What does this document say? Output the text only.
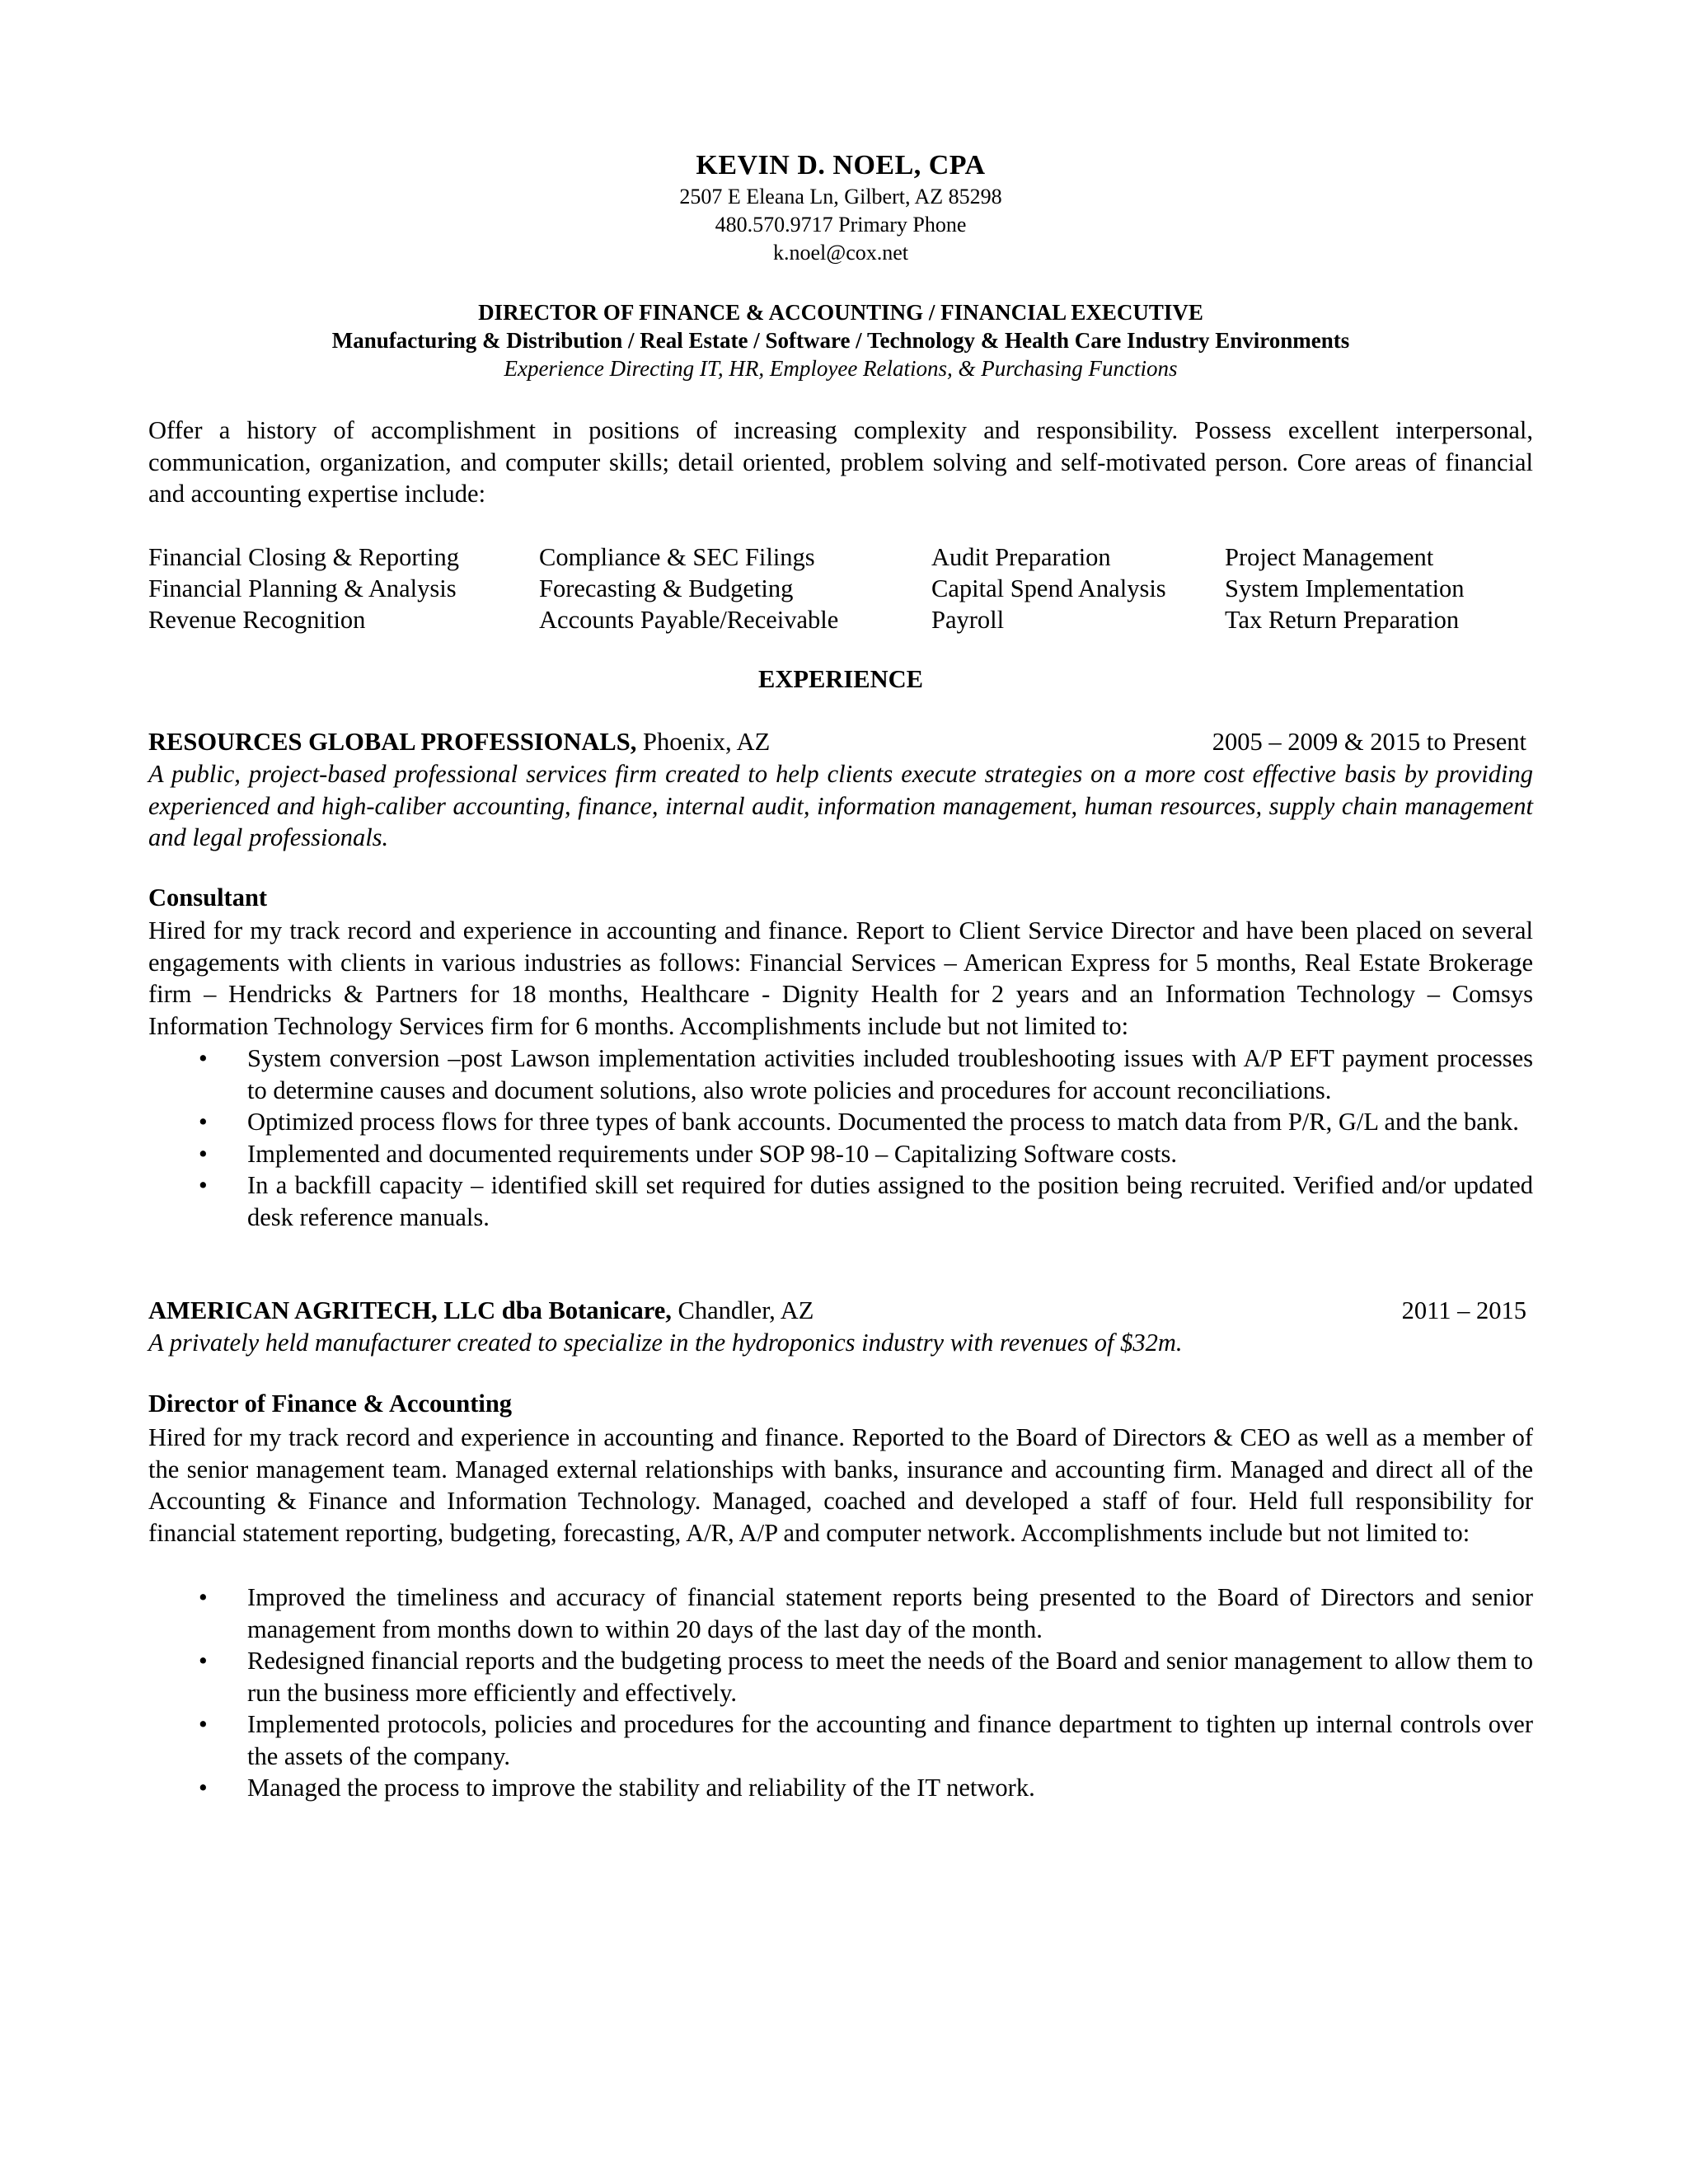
KEVIN D. NOEL, CPA
2507 E Eleana Ln, Gilbert, AZ 85298
480.570.9717 Primary Phone
k.noel@cox.net
DIRECTOR OF FINANCE & ACCOUNTING / FINANCIAL EXECUTIVE
Manufacturing & Distribution / Real Estate / Software / Technology & Health Care Industry Environments
Experience Directing IT, HR, Employee Relations, & Purchasing Functions
Offer a history of accomplishment in positions of increasing complexity and responsibility. Possess excellent interpersonal, communication, organization, and computer skills; detail oriented, problem solving and self-motivated person. Core areas of financial and accounting expertise include:
Financial Closing & Reporting
Financial Planning & Analysis
Revenue Recognition
Compliance & SEC Filings
Forecasting & Budgeting
Accounts Payable/Receivable
Audit Preparation
Capital Spend Analysis
Payroll
Project Management
System Implementation
Tax Return Preparation
EXPERIENCE
RESOURCES GLOBAL PROFESSIONALS, Phoenix, AZ	2005 – 2009 & 2015 to Present
A public, project-based professional services firm created to help clients execute strategies on a more cost effective basis by providing experienced and high-caliber accounting, finance, internal audit, information management, human resources, supply chain management and legal professionals.
Consultant
Hired for my track record and experience in accounting and finance. Report to Client Service Director and have been placed on several engagements with clients in various industries as follows: Financial Services – American Express for 5 months, Real Estate Brokerage firm – Hendricks & Partners for 18 months, Healthcare - Dignity Health for 2 years and an Information Technology – Comsys Information Technology Services firm for 6 months. Accomplishments include but not limited to:
• System conversion –post Lawson implementation activities included troubleshooting issues with A/P EFT payment processes to determine causes and document solutions, also wrote policies and procedures for account reconciliations.
• Optimized process flows for three types of bank accounts. Documented the process to match data from P/R, G/L and the bank.
• Implemented and documented requirements under SOP 98-10 – Capitalizing Software costs.
• In a backfill capacity – identified skill set required for duties assigned to the position being recruited. Verified and/or updated desk reference manuals.
AMERICAN AGRITECH, LLC dba Botanicare, Chandler, AZ	2011 – 2015
A privately held manufacturer created to specialize in the hydroponics industry with revenues of $32m.
Director of Finance & Accounting
Hired for my track record and experience in accounting and finance. Reported to the Board of Directors & CEO as well as a member of the senior management team. Managed external relationships with banks, insurance and accounting firm. Managed and direct all of the Accounting & Finance and Information Technology. Managed, coached and developed a staff of four. Held full responsibility for financial statement reporting, budgeting, forecasting, A/R, A/P and computer network. Accomplishments include but not limited to:
• Improved the timeliness and accuracy of financial statement reports being presented to the Board of Directors and senior management from months down to within 20 days of the last day of the month.
• Redesigned financial reports and the budgeting process to meet the needs of the Board and senior management to allow them to run the business more efficiently and effectively.
• Implemented protocols, policies and procedures for the accounting and finance department to tighten up internal controls over the assets of the company.
• Managed the process to improve the stability and reliability of the IT network.
